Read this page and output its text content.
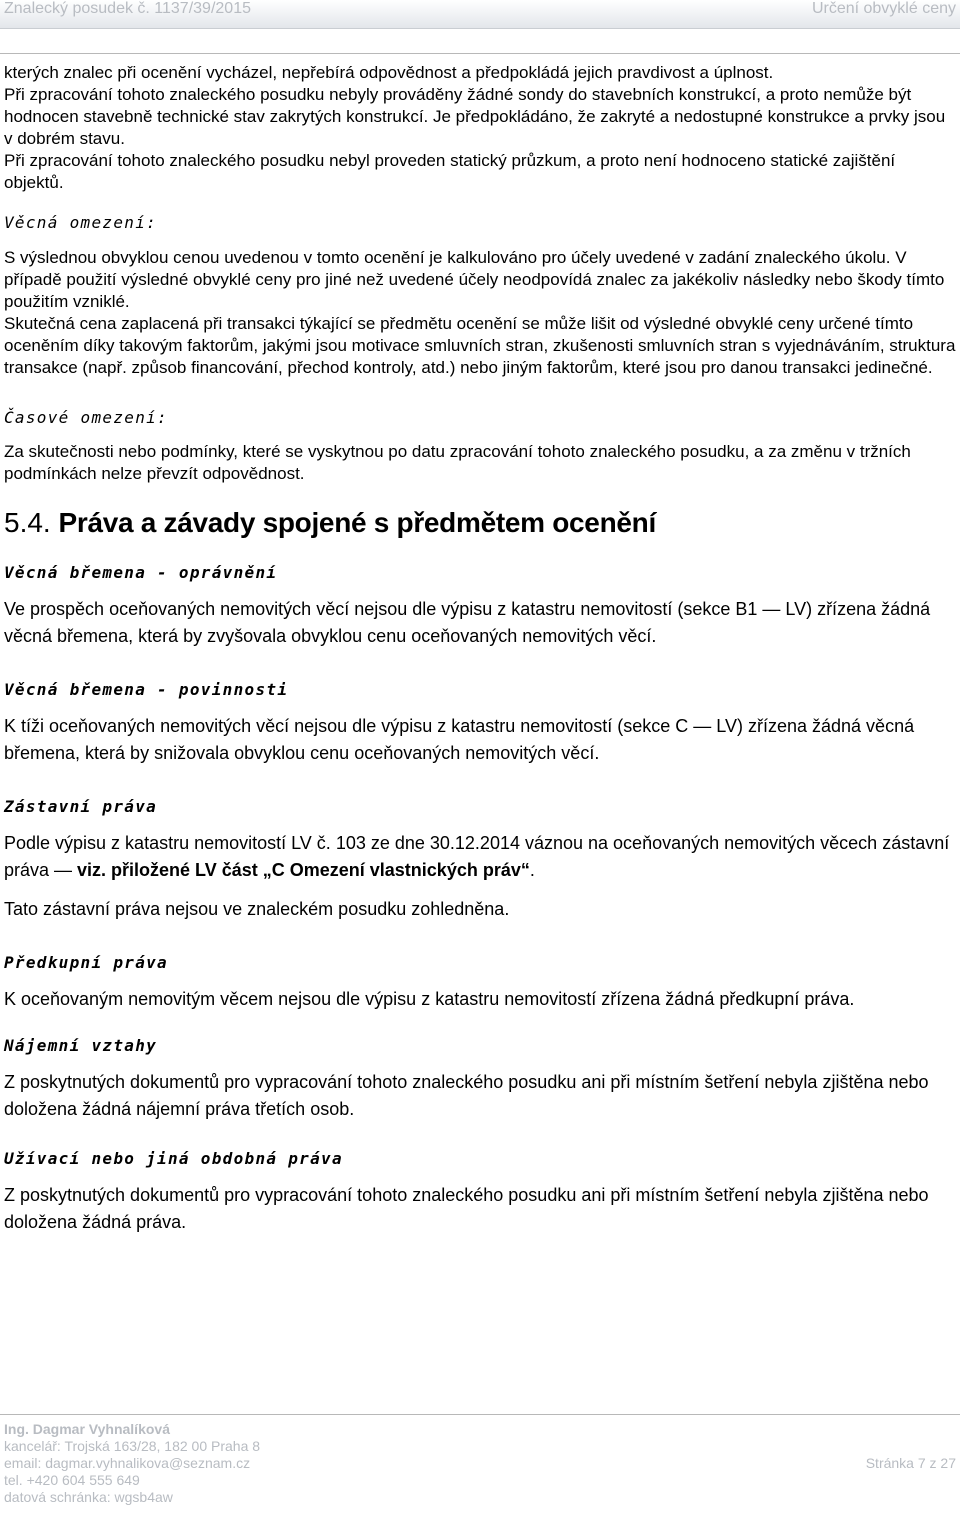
Znalecký posudek č. 1137/39/2015	Určení obvyklé ceny

kterých znalec při ocenění vycházel, nepřebírá odpovědnost a předpokládá jejich pravdivost a úplnost.

Při zpracování tohoto znaleckého posudku nebyly prováděny žádné sondy do stavebních konstrukcí, a proto nemůže být hodnocen stavebně technické stav zakrytých konstrukcí. Je předpokládáno, že zakryté a nedostupné konstrukce a prvky jsou v dobrém stavu.

Při zpracování tohoto znaleckého posudku nebyl proveden statický průzkum, a proto není hodnoceno statické zajištění objektů.

Věcná omezení:

S výslednou obvyklou cenou uvedenou v tomto ocenění je kalkulováno pro účely uvedené v zadání znaleckého úkolu. V případě použití výsledné obvyklé ceny pro jiné než uvedené účely neodpovídá znalec za jakékoliv následky nebo škody tímto použitím vzniklé.

Skutečná cena zaplacená při transakci týkající se předmětu ocenění se může lišit od výsledné obvyklé ceny určené tímto oceněním díky takovým faktorům, jakými jsou motivace smluvních stran, zkušenosti smluvních stran s vyjednáváním, struktura transakce (např. způsob financování, přechod kontroly, atd.) nebo jiným faktorům, které jsou pro danou transakci jedinečné.

Časové omezení:

Za skutečnosti nebo podmínky, které se vyskytnou po datu zpracování tohoto znaleckého posudku, a za změnu v tržních podmínkách nelze převzít odpovědnost.

5.4. Práva a závady spojené s předmětem ocenění

Věcná břemena - oprávnění

Ve prospěch oceňovaných nemovitých věcí nejsou dle výpisu z katastru nemovitostí (sekce B1 — LV) zřízena žádná věcná břemena, která by zvyšovala obvyklou cenu oceňovaných nemovitých věcí.

Věcná břemena - povinnosti

K tíži oceňovaných nemovitých věcí nejsou dle výpisu z katastru nemovitostí (sekce C — LV) zřízena žádná věcná břemena, která by snižovala obvyklou cenu oceňovaných nemovitých věcí.

Zástavní práva

Podle výpisu z katastru nemovitostí LV č. 103 ze dne 30.12.2014 váznou na oceňovaných nemovitých věcech zástavní práva — viz. přiložené LV část „C Omezení vlastnických práv“.

Tato zástavní práva nejsou ve znaleckém posudku zohledněna.

Předkupní práva

K oceňovaným nemovitým věcem nejsou dle výpisu z katastru nemovitostí zřízena žádná předkupní práva.

Nájemní vztahy

Z poskytnutých dokumentů pro vypracování tohoto znaleckého posudku ani při místním šetření nebyla zjištěna nebo doložena žádná nájemní práva třetích osob.

Užívací nebo jiná obdobná práva

Z poskytnutých dokumentů pro vypracování tohoto znaleckého posudku ani při místním šetření nebyla zjištěna nebo doložena žádná práva.

Ing. Dagmar Vyhnalíková
kancelář: Trojská 163/28, 182 00 Praha 8
email: dagmar.vyhnalikova@seznam.cz
tel. +420 604 555 649
datová schránka: wgsb4aw
Stránka 7 z 27
